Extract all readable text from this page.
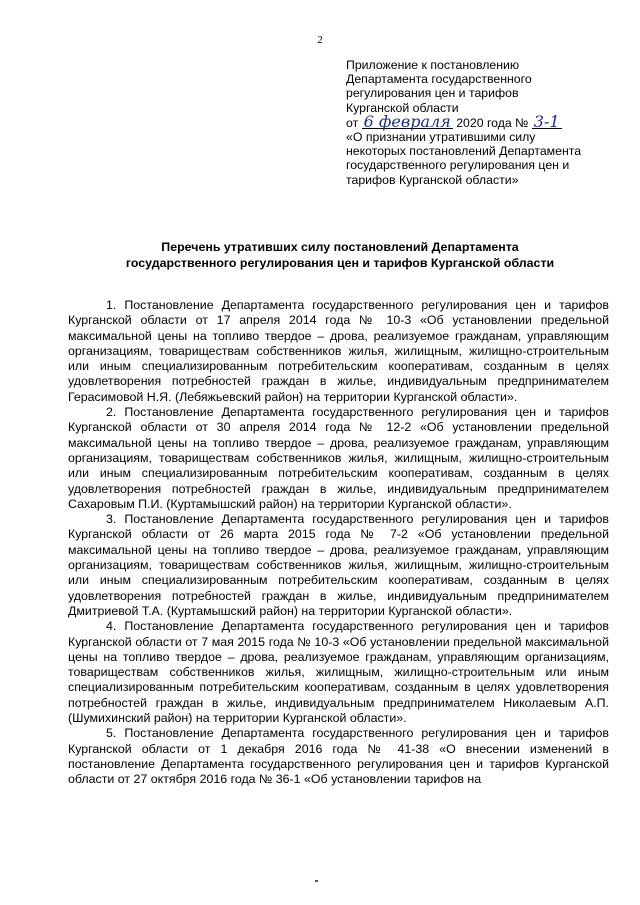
2
Приложение к постановлению
Департамента государственного
регулирования цен и тарифов
Курганской области
от 6 февраля 2020 года № 3-1
«О признании утратившими силу
некоторых постановлений Департамента
государственного регулирования цен и
тарифов Курганской области»
Перечень утративших силу постановлений Департамента
государственного регулирования цен и тарифов Курганской области

1. Постановление Департамента государственного регулирования цен и тарифов Курганской области от 17 апреля 2014 года № 10-3 «Об установлении предельной максимальной цены на топливо твердое – дрова, реализуемое гражданам, управляющим организациям, товариществам собственников жилья, жилищным, жилищно-строительным или иным специализированным потребительским кооперативам, созданным в целях удовлетворения потребностей граждан в жилье, индивидуальным предпринимателем Герасимовой Н.Я. (Лебяжьевский район) на территории Курганской области».

2. Постановление Департамента государственного регулирования цен и тарифов Курганской области от 30 апреля 2014 года № 12-2 «Об установлении предельной максимальной цены на топливо твердое – дрова, реализуемое гражданам, управляющим организациям, товариществам собственников жилья, жилищным, жилищно-строительным или иным специализированным потребительским кооперативам, созданным в целях удовлетворения потребностей граждан в жилье, индивидуальным предпринимателем Сахаровым П.И. (Куртамышский район) на территории Курганской области».

3. Постановление Департамента государственного регулирования цен и тарифов Курганской области от 26 марта 2015 года № 7-2 «Об установлении предельной максимальной цены на топливо твердое – дрова, реализуемое гражданам, управляющим организациям, товариществам собственников жилья, жилищным, жилищно-строительным или иным специализированным потребительским кооперативам, созданным в целях удовлетворения потребностей граждан в жилье, индивидуальным предпринимателем Дмитриевой Т.А. (Куртамышский район) на территории Курганской области».

4. Постановление Департамента государственного регулирования цен и тарифов Курганской области от 7 мая 2015 года № 10-3 «Об установлении предельной максимальной цены на топливо твердое – дрова, реализуемое гражданам, управляющим организациям, товариществам собственников жилья, жилищным, жилищно-строительным или иным специализированным потребительским кооперативам, созданным в целях удовлетворения потребностей граждан в жилье, индивидуальным предпринимателем Николаевым А.П. (Шумихинский район) на территории Курганской области».

5. Постановление Департамента государственного регулирования цен и тарифов Курганской области от 1 декабря 2016 года № 41-38 «О внесении изменений в постановление Департамента государственного регулирования цен и тарифов Курганской области от 27 октября 2016 года № 36-1 «Об установлении тарифов на
